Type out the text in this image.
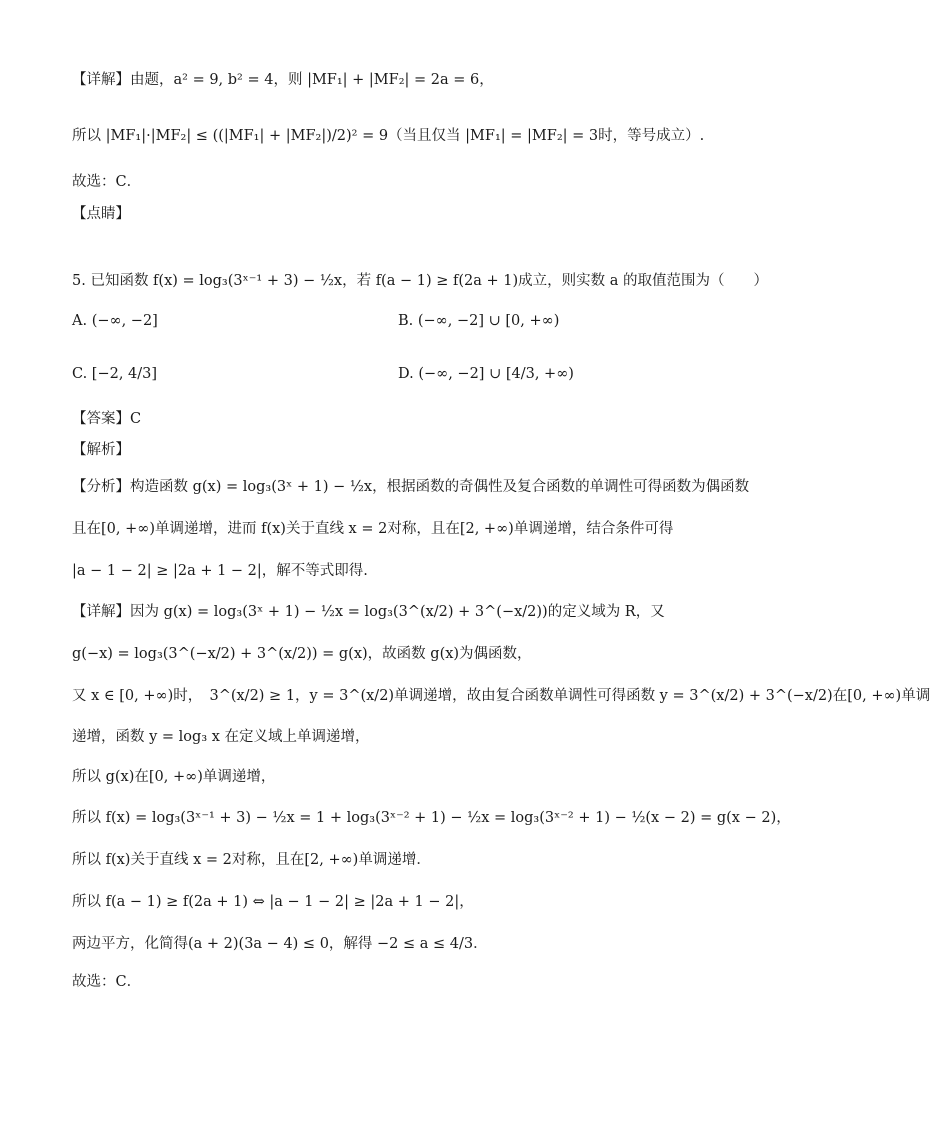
【详解】由题，a² = 9, b² = 4，则 |MF₁| + |MF₂| = 2a = 6，
所以 |MF₁|·|MF₂| ≤ ((|MF₁| + |MF₂|)/2)² = 9（当且仅当 |MF₁| = |MF₂| = 3时，等号成立）.
故选：C．
【点睛】
5. 已知函数 f(x) = log₃(3ˣ⁻¹ + 3) − ½x，若 f(a − 1) ≥ f(2a + 1)成立，则实数 a 的取值范围为（　　）
A. (−∞, −2]	B. (−∞, −2] ∪ [0, +∞)
C. [−2, 4/3]	D. (−∞, −2] ∪ [4/3, +∞)
【答案】C
【解析】
【分析】构造函数 g(x) = log₃(3ˣ + 1) − ½x，根据函数的奇偶性及复合函数的单调性可得函数为偶函数
且在[0, +∞)单调递增，进而 f(x)关于直线 x = 2对称，且在[2, +∞)单调递增，结合条件可得
|a − 1 − 2| ≥ |2a + 1 − 2|，解不等式即得.
【详解】因为 g(x) = log₃(3ˣ + 1) − ½x = log₃(3^(x/2) + 3^(−x/2))的定义域为 R，又
g(−x) = log₃(3^(−x/2) + 3^(x/2)) = g(x)，故函数 g(x)为偶函数，
又 x ∈ [0, +∞)时，　3^(x/2) ≥ 1，y = 3^(x/2)单调递增，故由复合函数单调性可得函数 y = 3^(x/2) + 3^(−x/2)在[0, +∞)单调
递增，函数 y = log₃ x 在定义域上单调递增，
所以 g(x)在[0, +∞)单调递增，
所以 f(x) = log₃(3ˣ⁻¹ + 3) − ½x = 1 + log₃(3ˣ⁻² + 1) − ½x = log₃(3ˣ⁻² + 1) − ½(x − 2) = g(x − 2)，
所以 f(x)关于直线 x = 2对称，且在[2, +∞)单调递增．
所以 f(a − 1) ≥ f(2a + 1) ⇔ |a − 1 − 2| ≥ |2a + 1 − 2|，
两边平方，化简得(a + 2)(3a − 4) ≤ 0，解得 −2 ≤ a ≤ 4/3．
故选：C．
